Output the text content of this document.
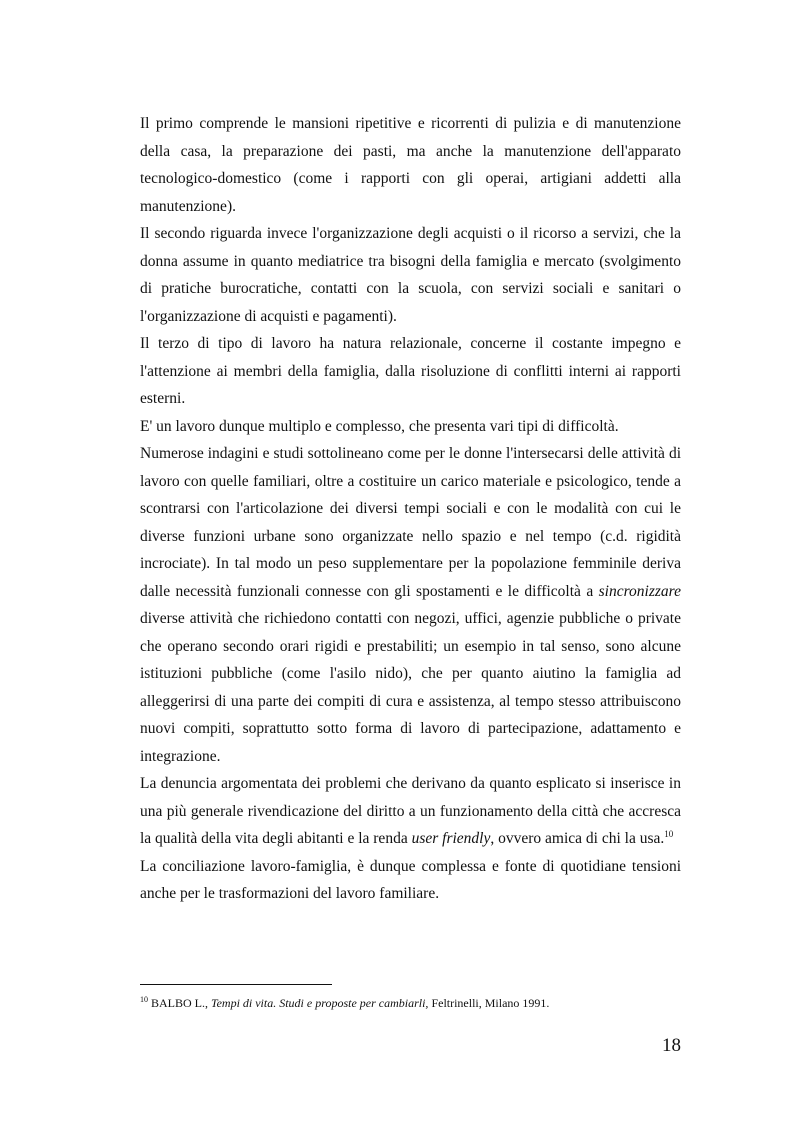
Il primo comprende le mansioni ripetitive e ricorrenti di pulizia e di manutenzione della casa, la preparazione dei pasti, ma anche la manutenzione dell'apparato tecnologico-domestico (come i rapporti con gli operai, artigiani addetti alla manutenzione).

Il secondo riguarda invece l'organizzazione degli acquisti o il ricorso a servizi, che la donna assume in quanto mediatrice tra bisogni della famiglia e mercato (svolgimento di pratiche burocratiche, contatti con la scuola, con servizi sociali e sanitari o l'organizzazione di acquisti e pagamenti).

Il terzo di tipo di lavoro ha natura relazionale, concerne il costante impegno e l'attenzione ai membri della famiglia, dalla risoluzione di conflitti interni ai rapporti esterni.

E' un lavoro dunque multiplo e complesso, che presenta vari tipi di difficoltà.

Numerose indagini e studi sottolineano come per le donne l'intersecarsi delle attività di lavoro con quelle familiari, oltre a costituire un carico materiale e psicologico, tende a scontrarsi con l'articolazione dei diversi tempi sociali e con le modalità con cui le diverse funzioni urbane sono organizzate nello spazio e nel tempo (c.d. rigidità incrociate). In tal modo un peso supplementare per la popolazione femminile deriva dalle necessità funzionali connesse con gli spostamenti e le difficoltà a sincronizzare diverse attività che richiedono contatti con negozi, uffici, agenzie pubbliche o private che operano secondo orari rigidi e prestabiliti; un esempio in tal senso, sono alcune istituzioni pubbliche (come l'asilo nido), che per quanto aiutino la famiglia ad alleggerirsi di una parte dei compiti di cura e assistenza, al tempo stesso attribuiscono nuovi compiti, soprattutto sotto forma di lavoro di partecipazione, adattamento e integrazione.

La denuncia argomentata dei problemi che derivano da quanto esplicato si inserisce in una più generale rivendicazione del diritto a un funzionamento della città che accresca la qualità della vita degli abitanti e la renda user friendly, ovvero amica di chi la usa.$^{10}$

La conciliazione lavoro-famiglia, è dunque complessa e fonte di quotidiane tensioni anche per le trasformazioni del lavoro familiare.

$^{10}$ BALBO L., Tempi di vita. Studi e proposte per cambiarli, Feltrinelli, Milano 1991.
18
